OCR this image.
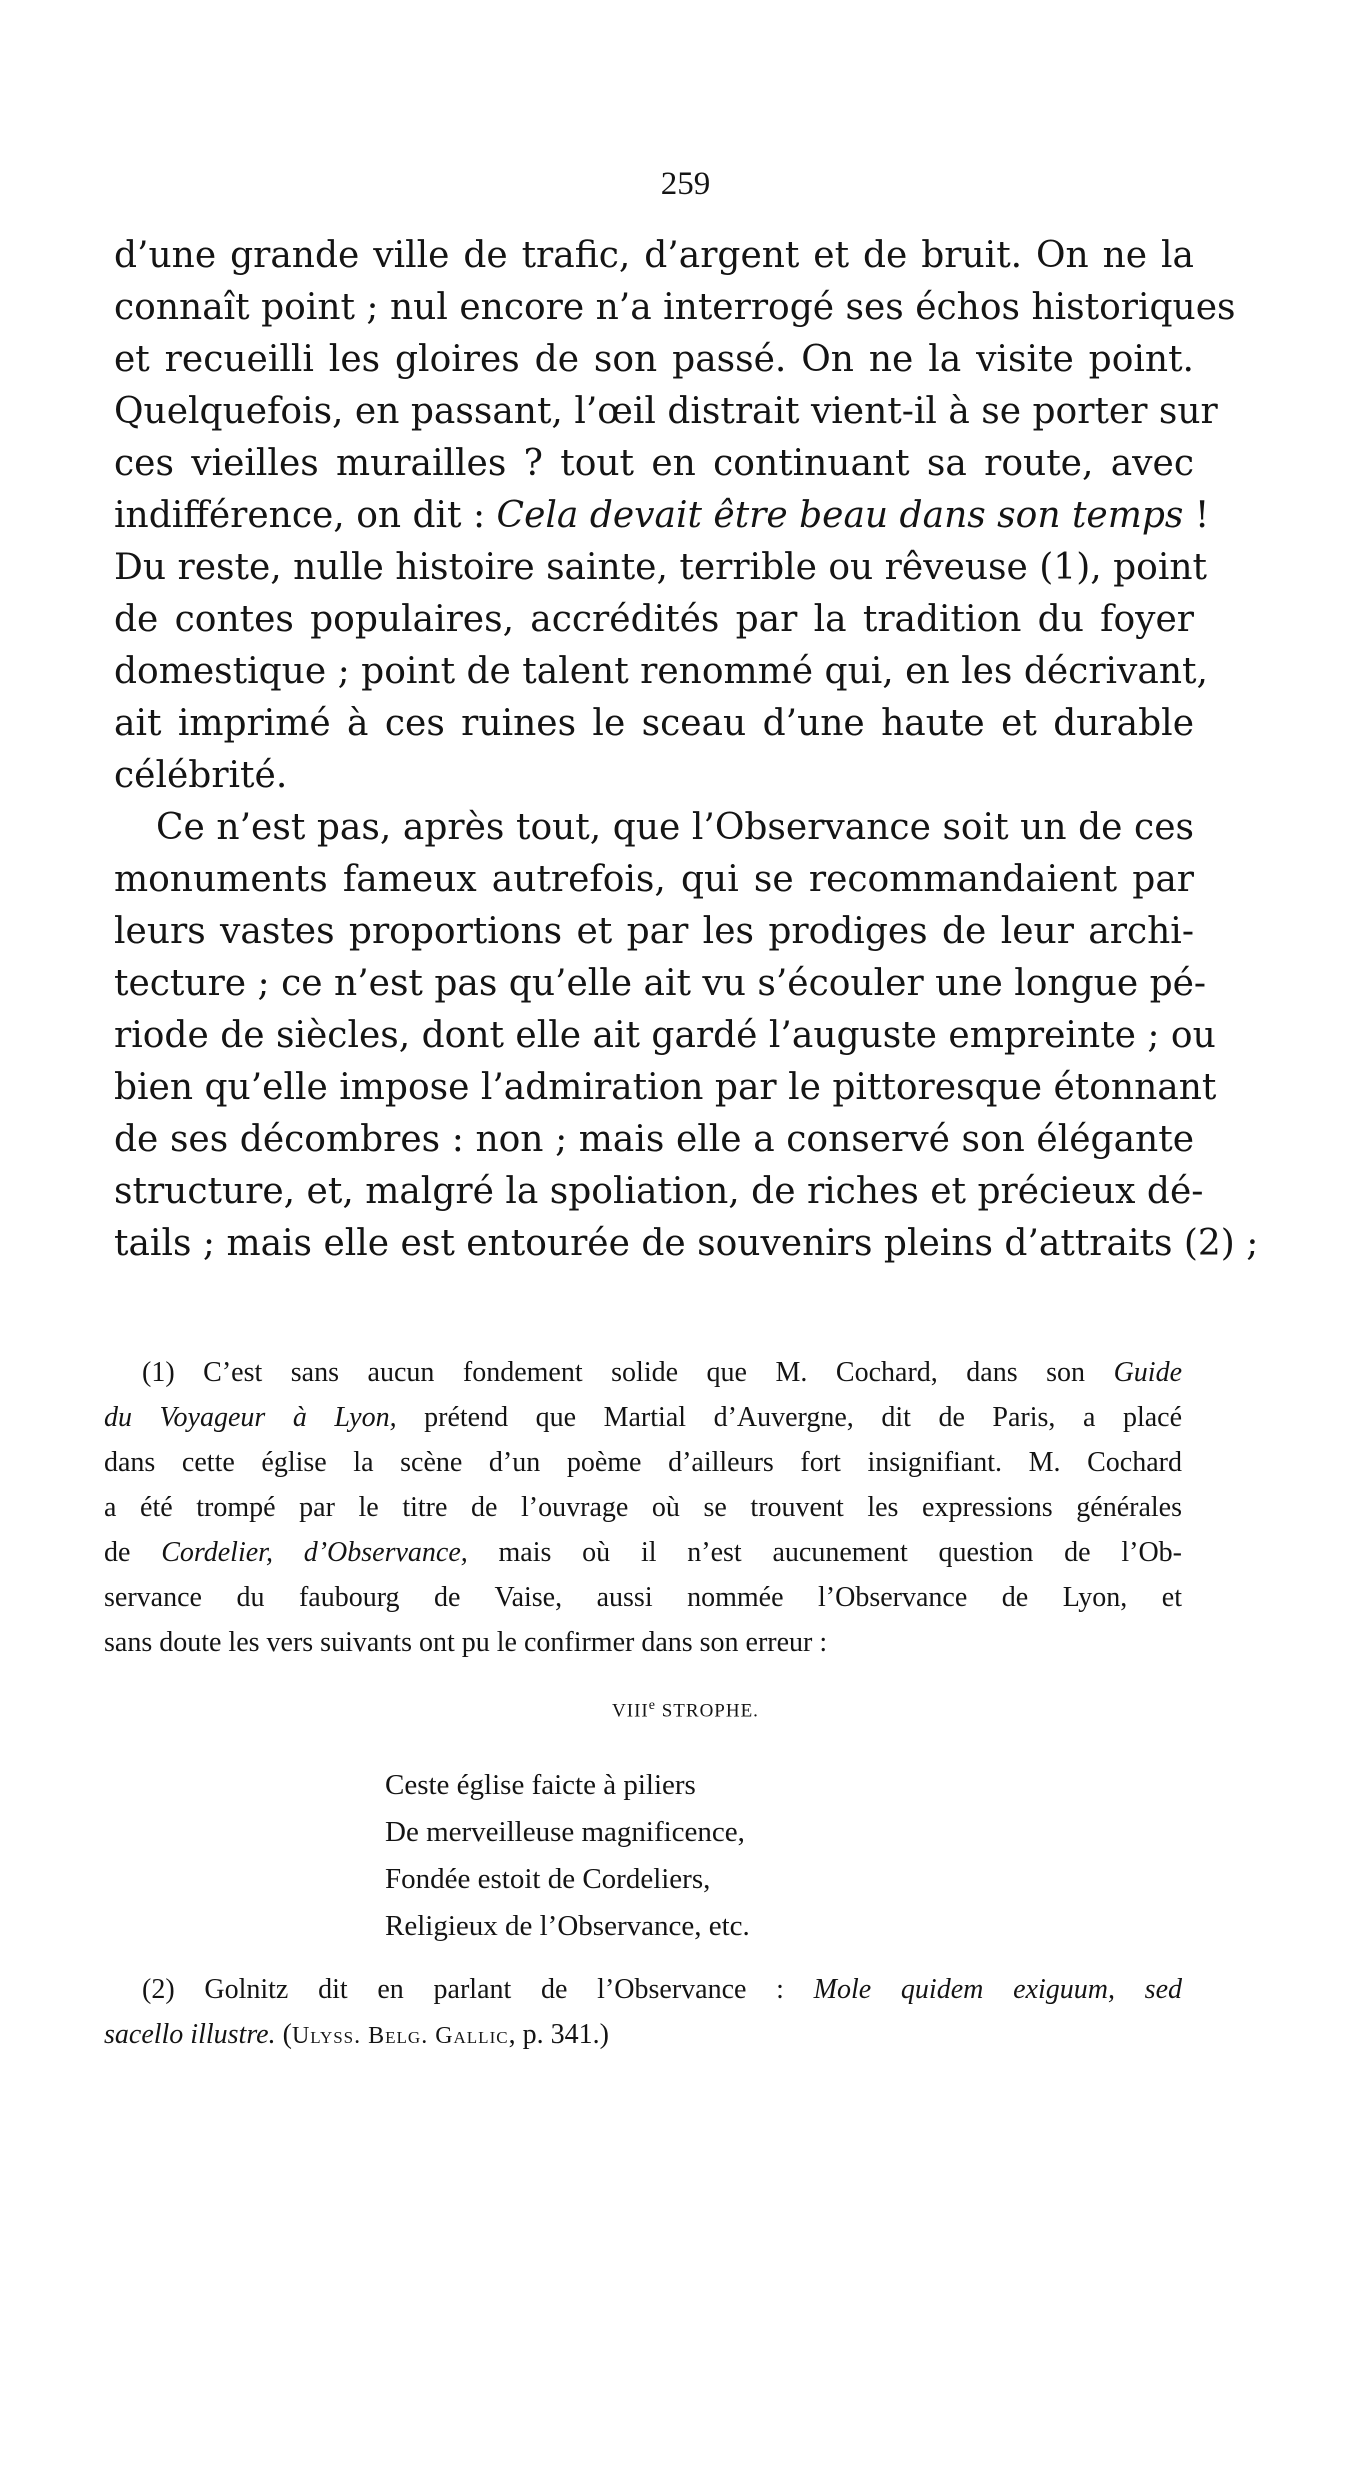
259
d’une grande ville de trafic, d’argent et de bruit. On ne la
connaît point ; nul encore n’a interrogé ses échos historiques
et recueilli les gloires de son passé. On ne la visite point.
Quelquefois, en passant, l’œil distrait vient-il à se porter sur
ces vieilles murailles ? tout en continuant sa route, avec
indifférence, on dit : Cela devait être beau dans son temps !
Du reste, nulle histoire sainte, terrible ou rêveuse (1), point
de contes populaires, accrédités par la tradition du foyer
domestique ; point de talent renommé qui, en les décrivant,
ait imprimé à ces ruines le sceau d’une haute et durable
célébrité.
Ce n’est pas, après tout, que l’Observance soit un de ces
monuments fameux autrefois, qui se recommandaient par
leurs vastes proportions et par les prodiges de leur archi-
tecture ; ce n’est pas qu’elle ait vu s’écouler une longue pé-
riode de siècles, dont elle ait gardé l’auguste empreinte ; ou
bien qu’elle impose l’admiration par le pittoresque étonnant
de ses décombres : non ; mais elle a conservé son élégante
structure, et, malgré la spoliation, de riches et précieux dé-
tails ; mais elle est entourée de souvenirs pleins d’attraits (2) ;
(1) C’est sans aucun fondement solide que M. Cochard, dans son Guide
du Voyageur à Lyon, prétend que Martial d’Auvergne, dit de Paris, a placé
dans cette église la scène d’un poème d’ailleurs fort insignifiant. M. Cochard
a été trompé par le titre de l’ouvrage où se trouvent les expressions générales
de Cordelier, d’Observance, mais où il n’est aucunement question de l’Ob-
servance du faubourg de Vaise, aussi nommée l’Observance de Lyon, et
sans doute les vers suivants ont pu le confirmer dans son erreur :
VIIIe STROPHE.
Ceste église faicte à piliers
De merveilleuse magnificence,
Fondée estoit de Cordeliers,
Religieux de l’Observance, etc.
(2) Golnitz dit en parlant de l’Observance : Mole quidem exiguum, sed
sacello illustre. (Ulyss. Belg. Gallic, p. 341.)
